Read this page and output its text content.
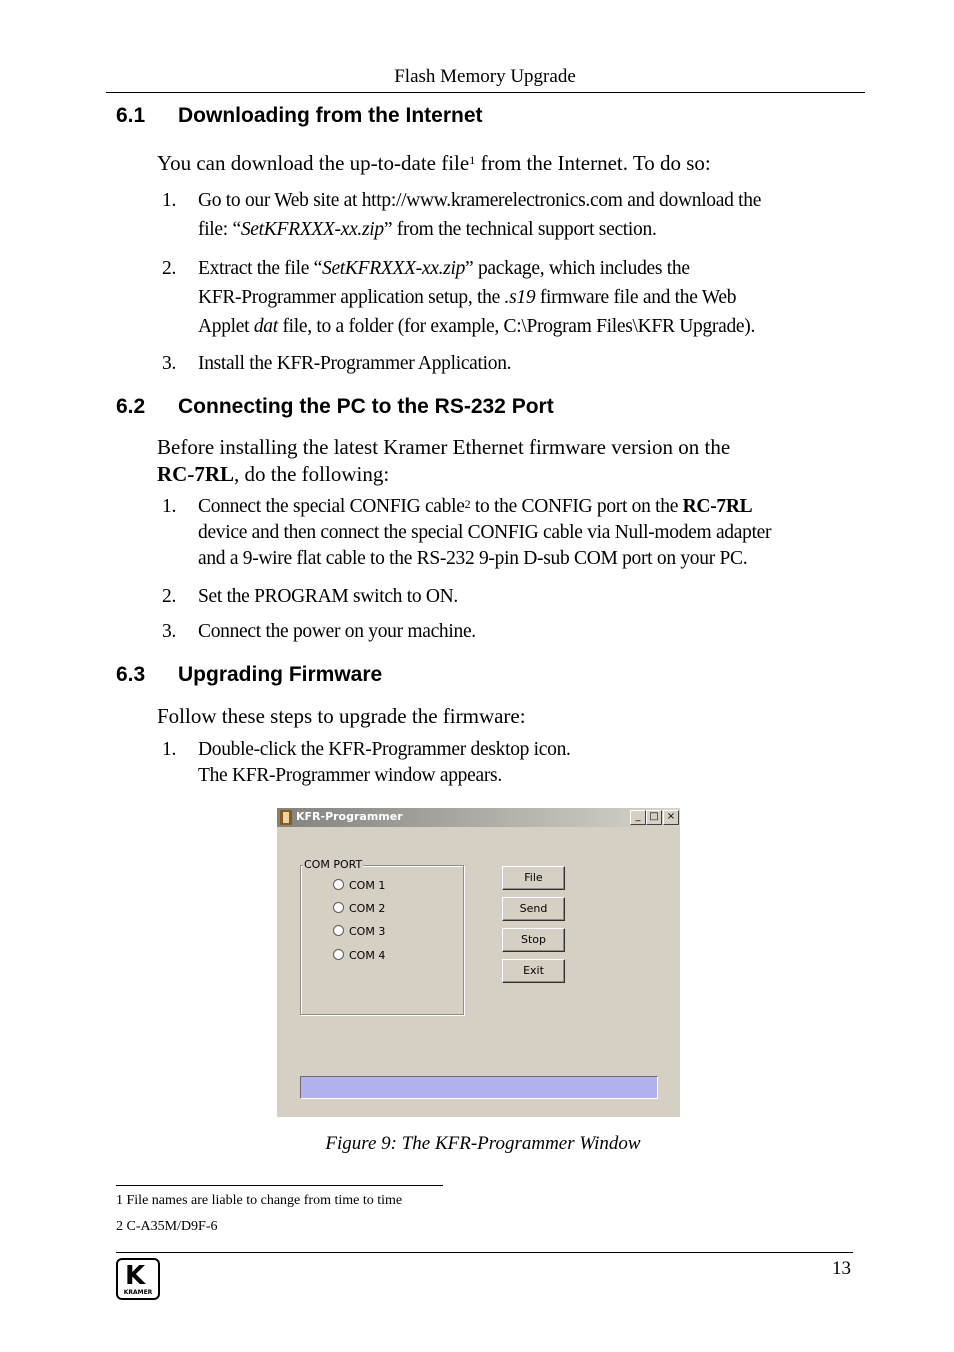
Flash Memory Upgrade
6.1 Downloading from the Internet
You can download the up-to-date file$^1$ from the Internet. To do so:
1. Go to our Web site at http://www.kramerelectronics.com and download the
file: “SetKFRXXX-xx.zip” from the technical support section.
2. Extract the file “SetKFRXXX-xx.zip” package, which includes the
KFR-Programmer application setup, the .s19 firmware file and the Web
Applet dat file, to a folder (for example, C:\Program Files\KFR Upgrade).
3. Install the KFR-Programmer Application.
6.2 Connecting the PC to the RS-232 Port
Before installing the latest Kramer Ethernet firmware version on the
RC-7RL, do the following:
1. Connect the special CONFIG cable$^2$ to the CONFIG port on the RC-7RL
device and then connect the special CONFIG cable via Null-modem adapter
and a 9-wire flat cable to the RS-232 9-pin D-sub COM port on your PC.
2. Set the PROGRAM switch to ON.
3. Connect the power on your machine.
6.3 Upgrading Firmware
Follow these steps to upgrade the firmware:
1. Double-click the KFR-Programmer desktop icon.
The KFR-Programmer window appears.
KFR-Programmer	_ □ ×
COM PORT
COM 1
COM 2
COM 3
COM 4
File
Send
Stop
Exit
Figure 9: The KFR-Programmer Window
1 File names are liable to change from time to time
2 C-A35M/D9F-6
K
KRAMER
13
